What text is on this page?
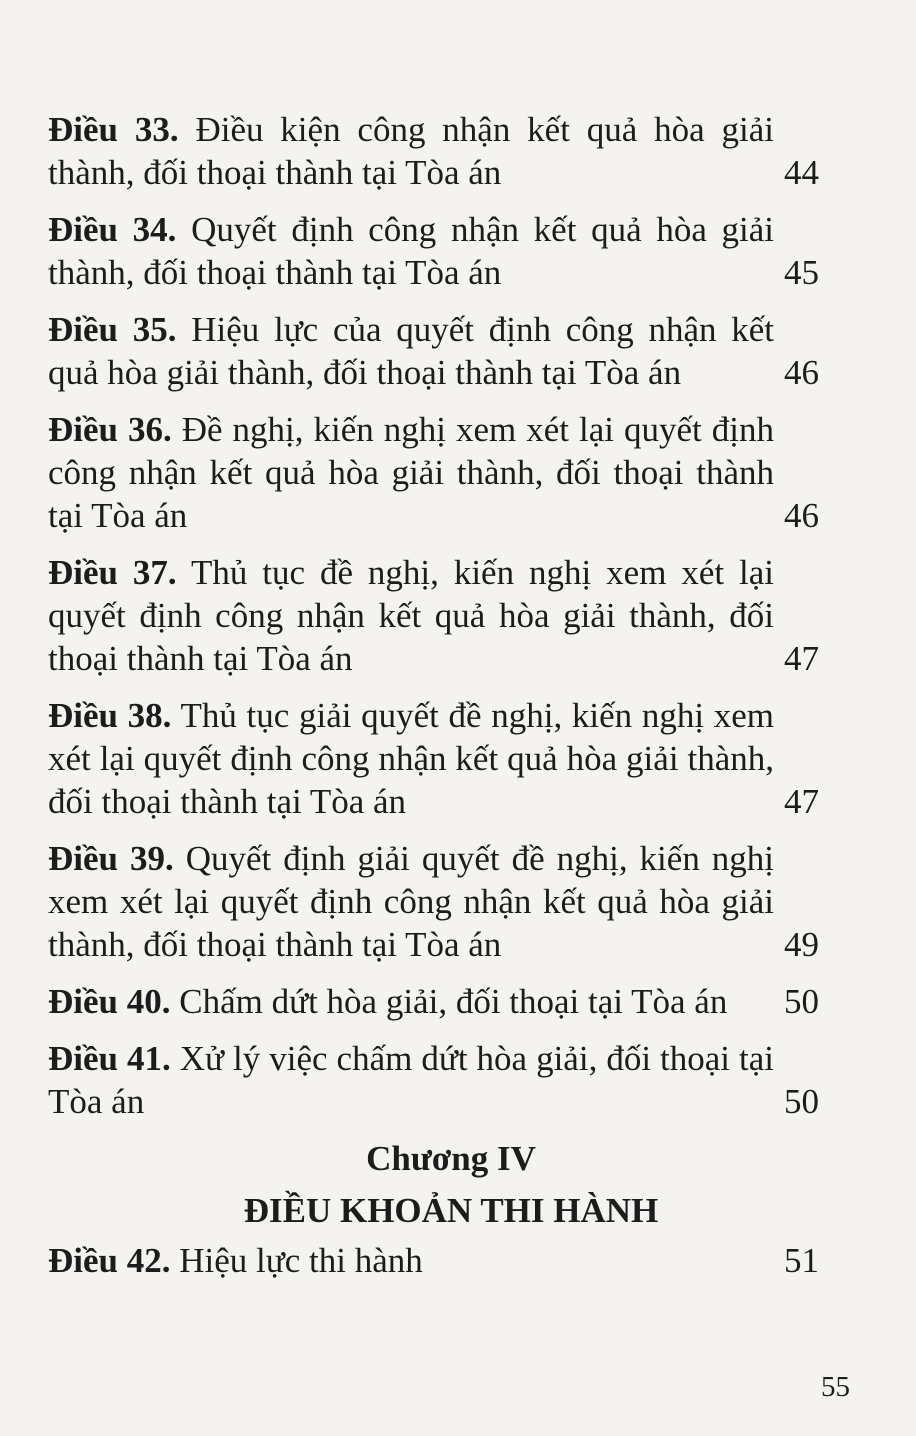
Điều 33. Điều kiện công nhận kết quả hòa giải thành, đối thoại thành tại Tòa án	44
Điều 34. Quyết định công nhận kết quả hòa giải thành, đối thoại thành tại Tòa án	45
Điều 35. Hiệu lực của quyết định công nhận kết quả hòa giải thành, đối thoại thành tại Tòa án	46
Điều 36. Đề nghị, kiến nghị xem xét lại quyết định công nhận kết quả hòa giải thành, đối thoại thành tại Tòa án	46
Điều 37. Thủ tục đề nghị, kiến nghị xem xét lại quyết định công nhận kết quả hòa giải thành, đối thoại thành tại Tòa án	47
Điều 38. Thủ tục giải quyết đề nghị, kiến nghị xem xét lại quyết định công nhận kết quả hòa giải thành, đối thoại thành tại Tòa án	47
Điều 39. Quyết định giải quyết đề nghị, kiến nghị xem xét lại quyết định công nhận kết quả hòa giải thành, đối thoại thành tại Tòa án	49
Điều 40. Chấm dứt hòa giải, đối thoại tại Tòa án 50
Điều 41. Xử lý việc chấm dứt hòa giải, đối thoại tại Tòa án	50
Chương IV
ĐIỀU KHOẢN THI HÀNH
Điều 42. Hiệu lực thi hành	51
55
